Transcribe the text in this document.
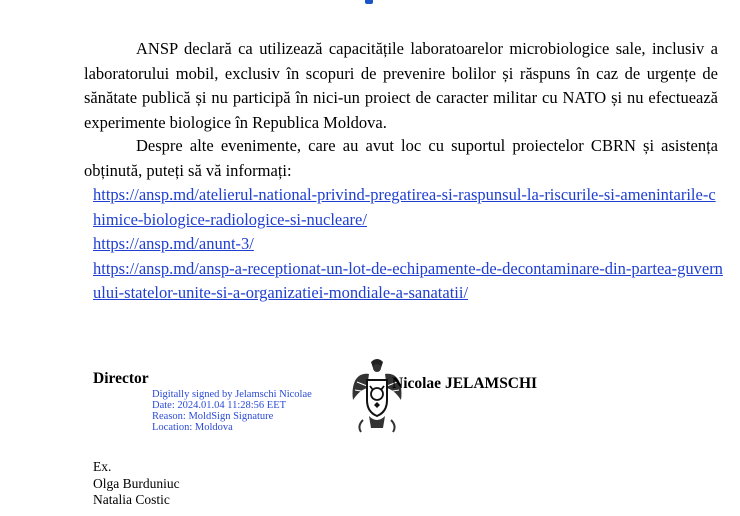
ANSP declară ca utilizează capacitățile laboratoarelor microbiologice sale, inclusiv a laboratorului mobil, exclusiv în scopuri de prevenire bolilor și răspuns în caz de urgențe de sănătate publică și nu participă în nici-un proiect de caracter militar cu NATO și nu efectuează experimente biologice în Republica Moldova.
Despre alte evenimente, care au avut loc cu suportul proiectelor CBRN și asistența obținută, puteți să vă informați:
https://ansp.md/atelierul-national-privind-pregatirea-si-raspunsul-la-riscurile-si-amenintarile-chimice-biologice-radiologice-si-nucleare/
https://ansp.md/anunt-3/
https://ansp.md/ansp-a-receptionat-un-lot-de-echipamente-de-decontaminare-din-partea-guvernului-statelor-unite-si-a-organizatiei-mondiale-a-sanatatii/
Director
Digitally signed by Jelamschi Nicolae
Date: 2024.01.04 11:28:56 EET
Reason: MoldSign Signature
Location: Moldova
Nicolae JELAMSCHI
Ex.
Olga Burduniuc
Natalia Costic
